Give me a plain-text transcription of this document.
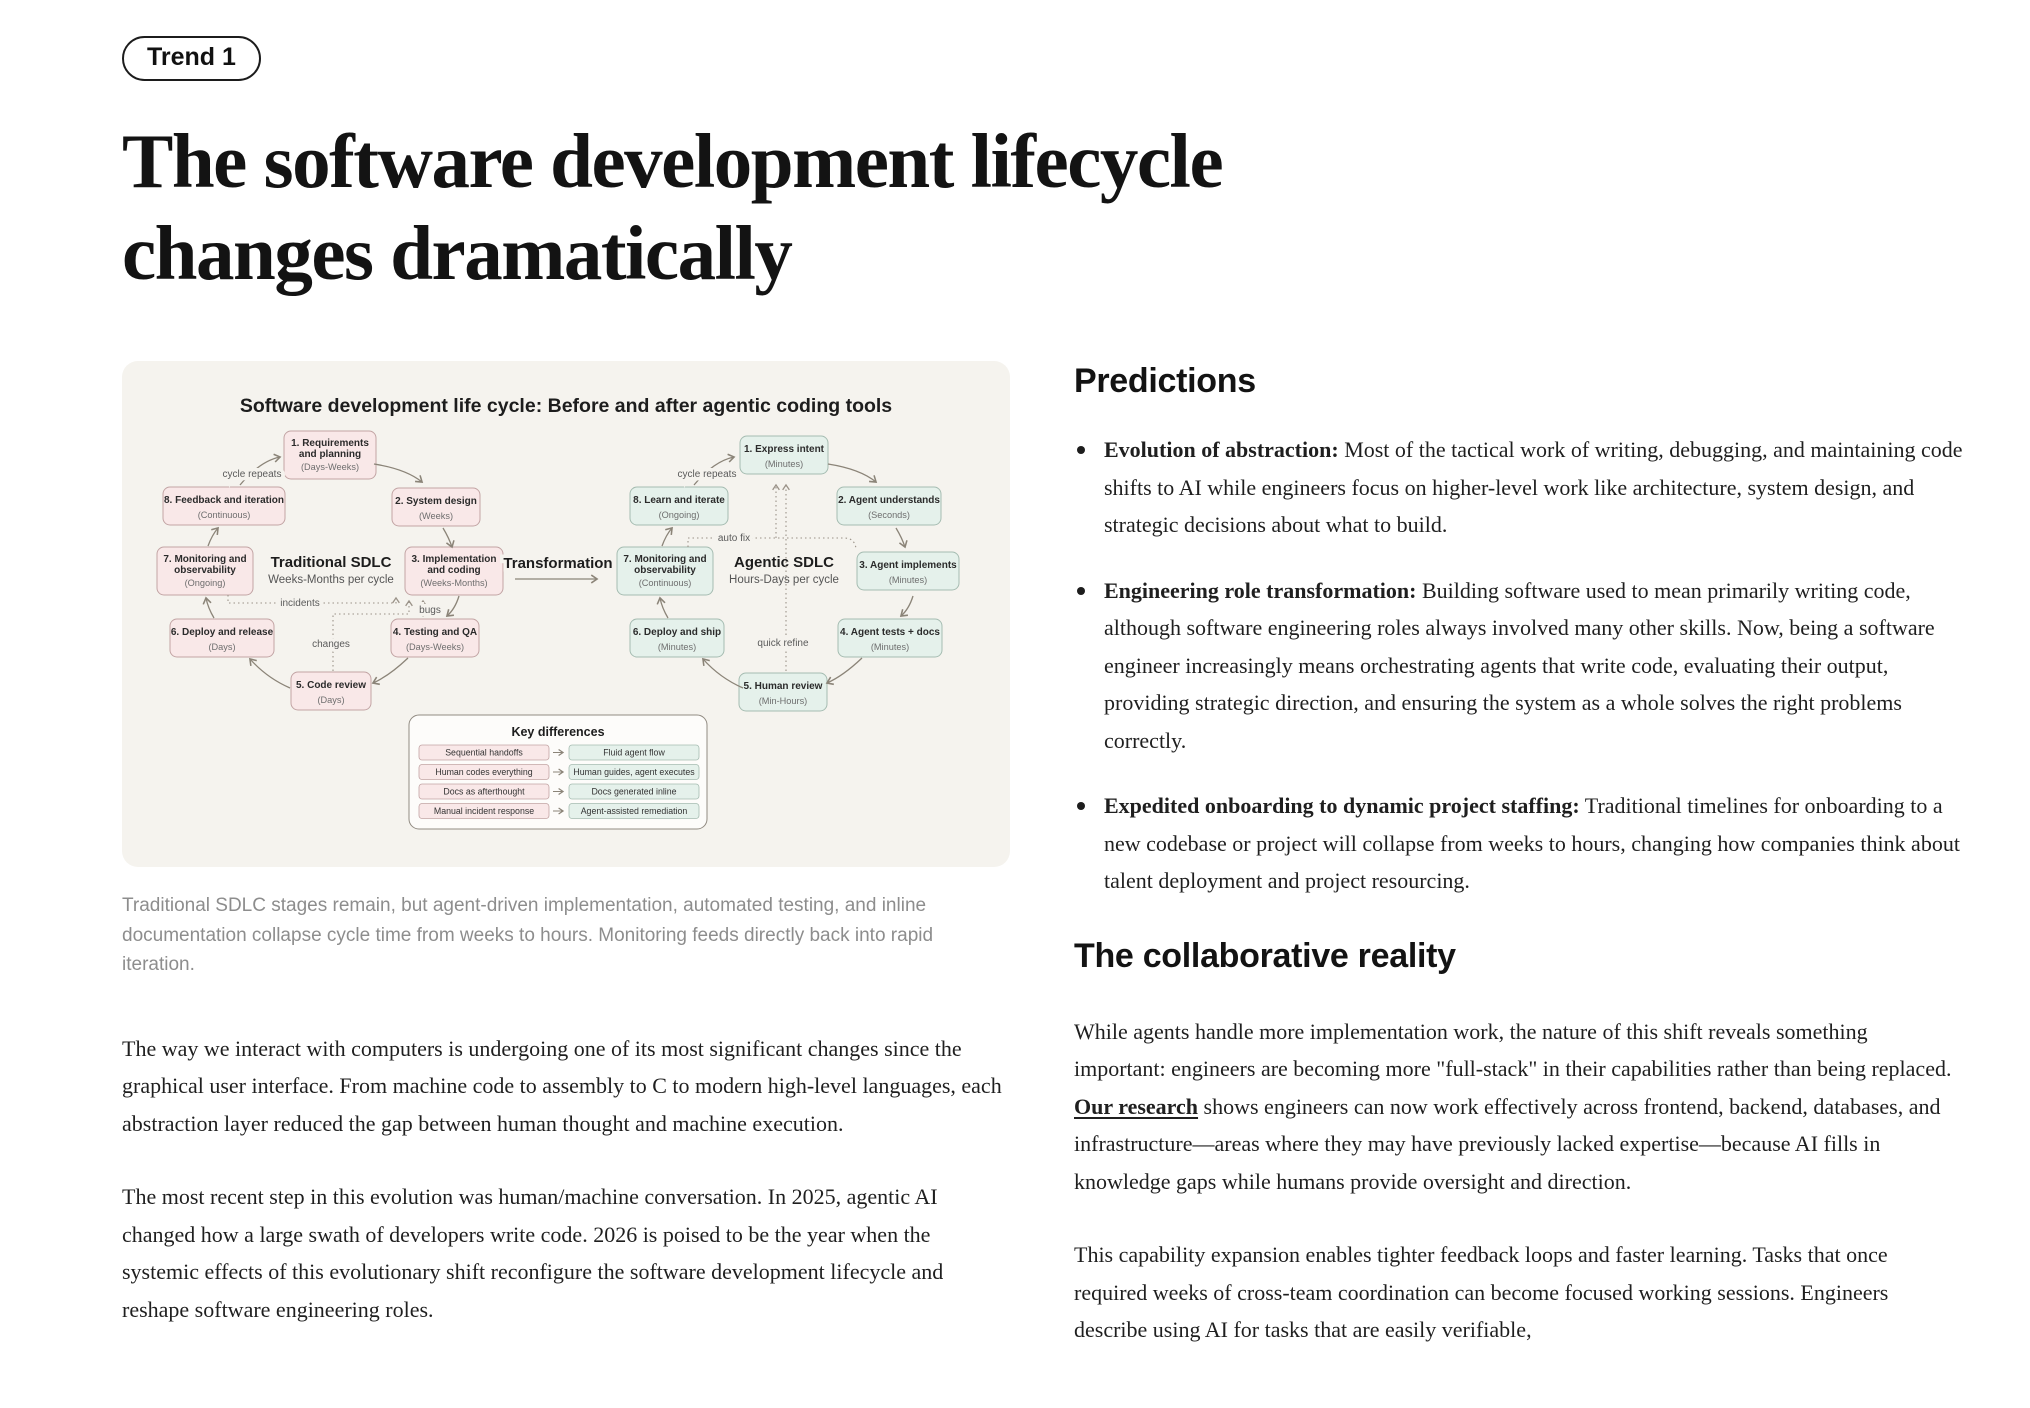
Trend 1
The software development lifecycle
changes dramatically
Software development life cycle: Before and after agentic coding tools
1. Requirements
and planning
(Days-Weeks)
2. System design
(Weeks)
3. Implementation
and coding
(Weeks-Months)
4. Testing and QA
(Days-Weeks)
5. Code review
(Days)
6. Deploy and release
(Days)
7. Monitoring and
observability
(Ongoing)
8. Feedback and iteration
(Continuous)
1. Express intent
(Minutes)
2. Agent understands
(Seconds)
3. Agent implements
(Minutes)
4. Agent tests + docs
(Minutes)
5. Human review
(Min-Hours)
6. Deploy and ship
(Minutes)
7. Monitoring and
observability
(Continuous)
8. Learn and iterate
(Ongoing)
Traditional SDLC
Weeks-Months per cycle
Agentic SDLC
Hours-Days per cycle
Transformation
cycle repeats
incidents
bugs
changes
cycle repeats
auto fix
quick refine
Key differences
Sequential handoffs	Fluid agent flow
Human codes everything	Human guides, agent executes
Docs as afterthought	Docs generated inline
Manual incident response	Agent-assisted remediation

Traditional SDLC stages remain, but agent-driven implementation, automated testing, and inline documentation collapse cycle time from weeks to hours. Monitoring feeds directly back into rapid iteration.

The way we interact with computers is undergoing one of its most significant changes since the graphical user interface. From machine code to assembly to C to modern high-level languages, each abstraction layer reduced the gap between human thought and machine execution.

The most recent step in this evolution was human/machine conversation. In 2025, agentic AI changed how a large swath of developers write code. 2026 is poised to be the year when the systemic effects of this evolutionary shift reconfigure the software development lifecycle and reshape software engineering roles.

Predictions
Evolution of abstraction: Most of the tactical work of writing, debugging, and maintaining code shifts to AI while engineers focus on higher-level work like architecture, system design, and strategic decisions about what to build.
Engineering role transformation: Building software used to mean primarily writing code, although software engineering roles always involved many other skills. Now, being a software engineer increasingly means orchestrating agents that write code, evaluating their output, providing strategic direction, and ensuring the system as a whole solves the right problems correctly.
Expedited onboarding to dynamic project staffing: Traditional timelines for onboarding to a new codebase or project will collapse from weeks to hours, changing how companies think about talent deployment and project resourcing.
The collaborative reality

While agents handle more implementation work, the nature of this shift reveals something important: engineers are becoming more "full-stack" in their capabilities rather than being replaced. Our research shows engineers can now work effectively across frontend, backend, databases, and infrastructure—areas where they may have previously lacked expertise—because AI fills in knowledge gaps while humans provide oversight and direction.

This capability expansion enables tighter feedback loops and faster learning. Tasks that once required weeks of cross-team coordination can become focused working sessions. Engineers describe using AI for tasks that are easily verifiable,
